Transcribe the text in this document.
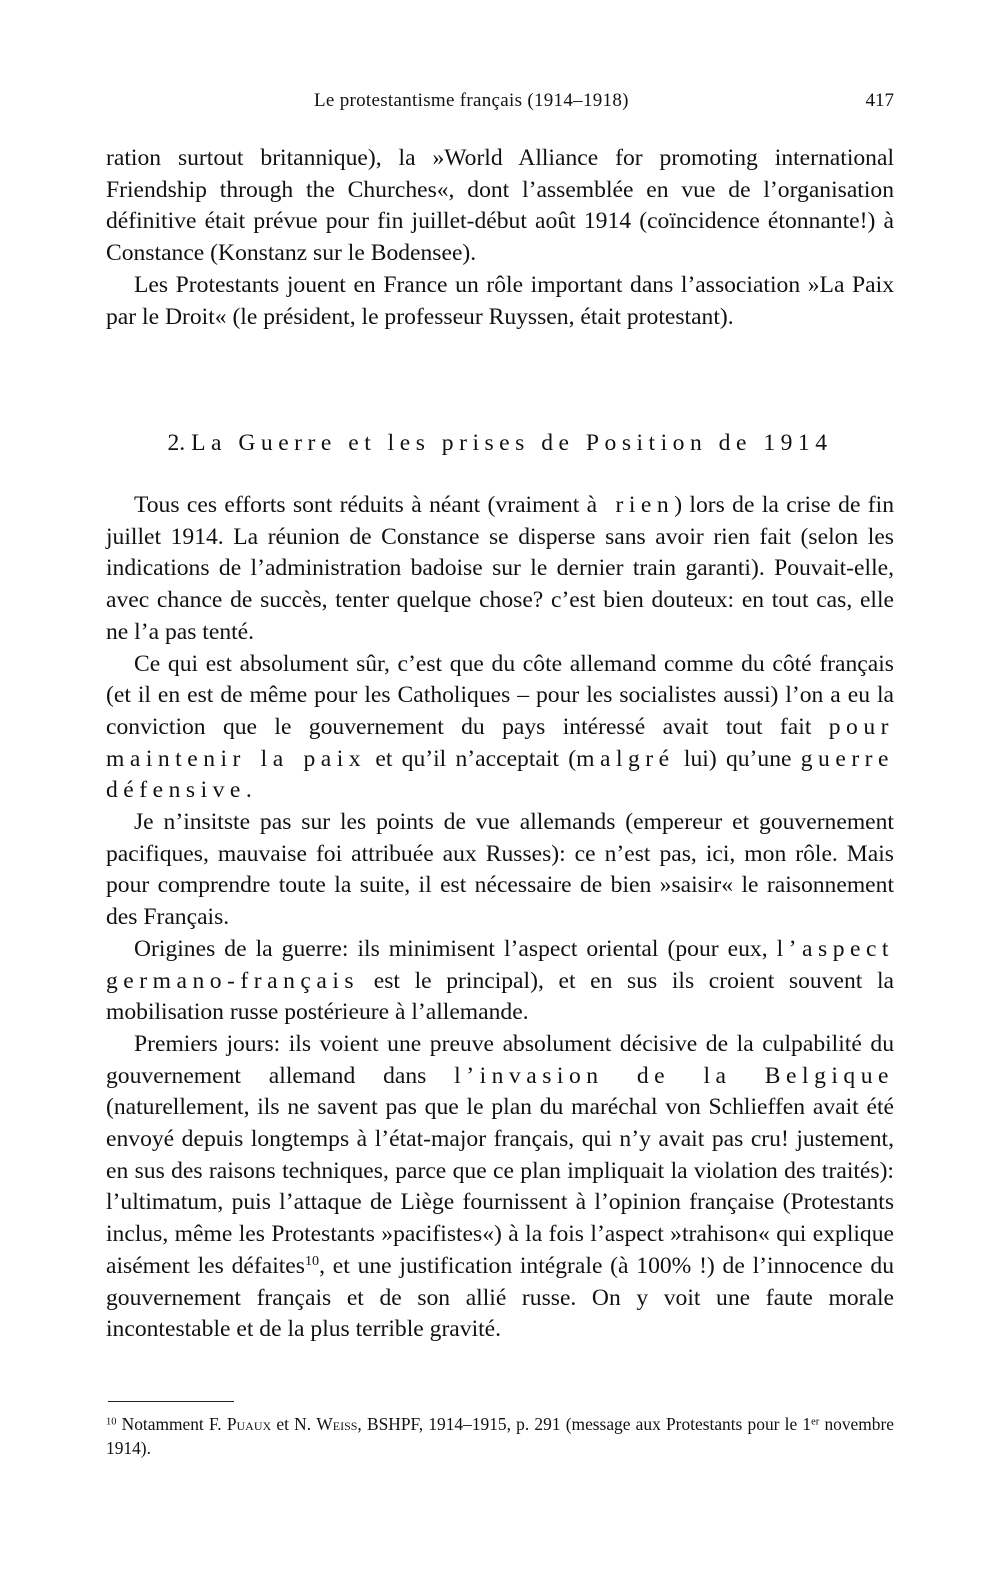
Le protestantisme français (1914–1918)	417

ration surtout britannique), la »World Alliance for promoting international Friendship through the Churches«, dont l’assemblée en vue de l’organisation définitive était prévue pour fin juillet-début août 1914 (coïncidence étonnante!) à Constance (Konstanz sur le Bodensee).

Les Protestants jouent en France un rôle important dans l’association »La Paix par le Droit« (le président, le professeur Ruyssen, était protestant).

2. La Guerre et les prises de Position de 1914

Tous ces efforts sont réduits à néant (vraiment à rien) lors de la crise de fin juillet 1914. La réunion de Constance se disperse sans avoir rien fait (selon les indications de l’administration badoise sur le dernier train garanti). Pouvait-elle, avec chance de succès, tenter quelque chose? c’est bien douteux: en tout cas, elle ne l’a pas tenté.

Ce qui est absolument sûr, c’est que du côte allemand comme du côté français (et il en est de même pour les Catholiques – pour les socialistes aussi) l’on a eu la conviction que le gouvernement du pays intéressé avait tout fait pour maintenir la paix et qu’il n’acceptait (malgré lui) qu’une guerre défensive.

Je n’insitste pas sur les points de vue allemands (empereur et gouvernement pacifiques, mauvaise foi attribuée aux Russes): ce n’est pas, ici, mon rôle. Mais pour comprendre toute la suite, il est nécessaire de bien »saisir« le raisonnement des Français.

Origines de la guerre: ils minimisent l’aspect oriental (pour eux, l’aspect germano-français est le principal), et en sus ils croient souvent la mobilisation russe postérieure à l’allemande.

Premiers jours: ils voient une preuve absolument décisive de la culpabilité du gouvernement allemand dans l’invasion de la Belgique (naturellement, ils ne savent pas que le plan du maréchal von Schlieffen avait été envoyé depuis longtemps à l’état-major français, qui n’y avait pas cru! justement, en sus des raisons techniques, parce que ce plan impliquait la violation des traités): l’ultimatum, puis l’attaque de Liège fournissent à l’opinion française (Protestants inclus, même les Protestants »pacifistes«) à la fois l’aspect »trahison« qui explique aisément les défaites$^{10}$, et une justification intégrale (à 100% !) de l’innocence du gouvernement français et de son allié russe. On y voit une faute morale incontestable et de la plus terrible gravité.

$^{10}$ Notamment F. Puaux et N. Weiss, BSHPF, 1914–1915, p. 291 (message aux Protestants pour le 1er novembre 1914).
